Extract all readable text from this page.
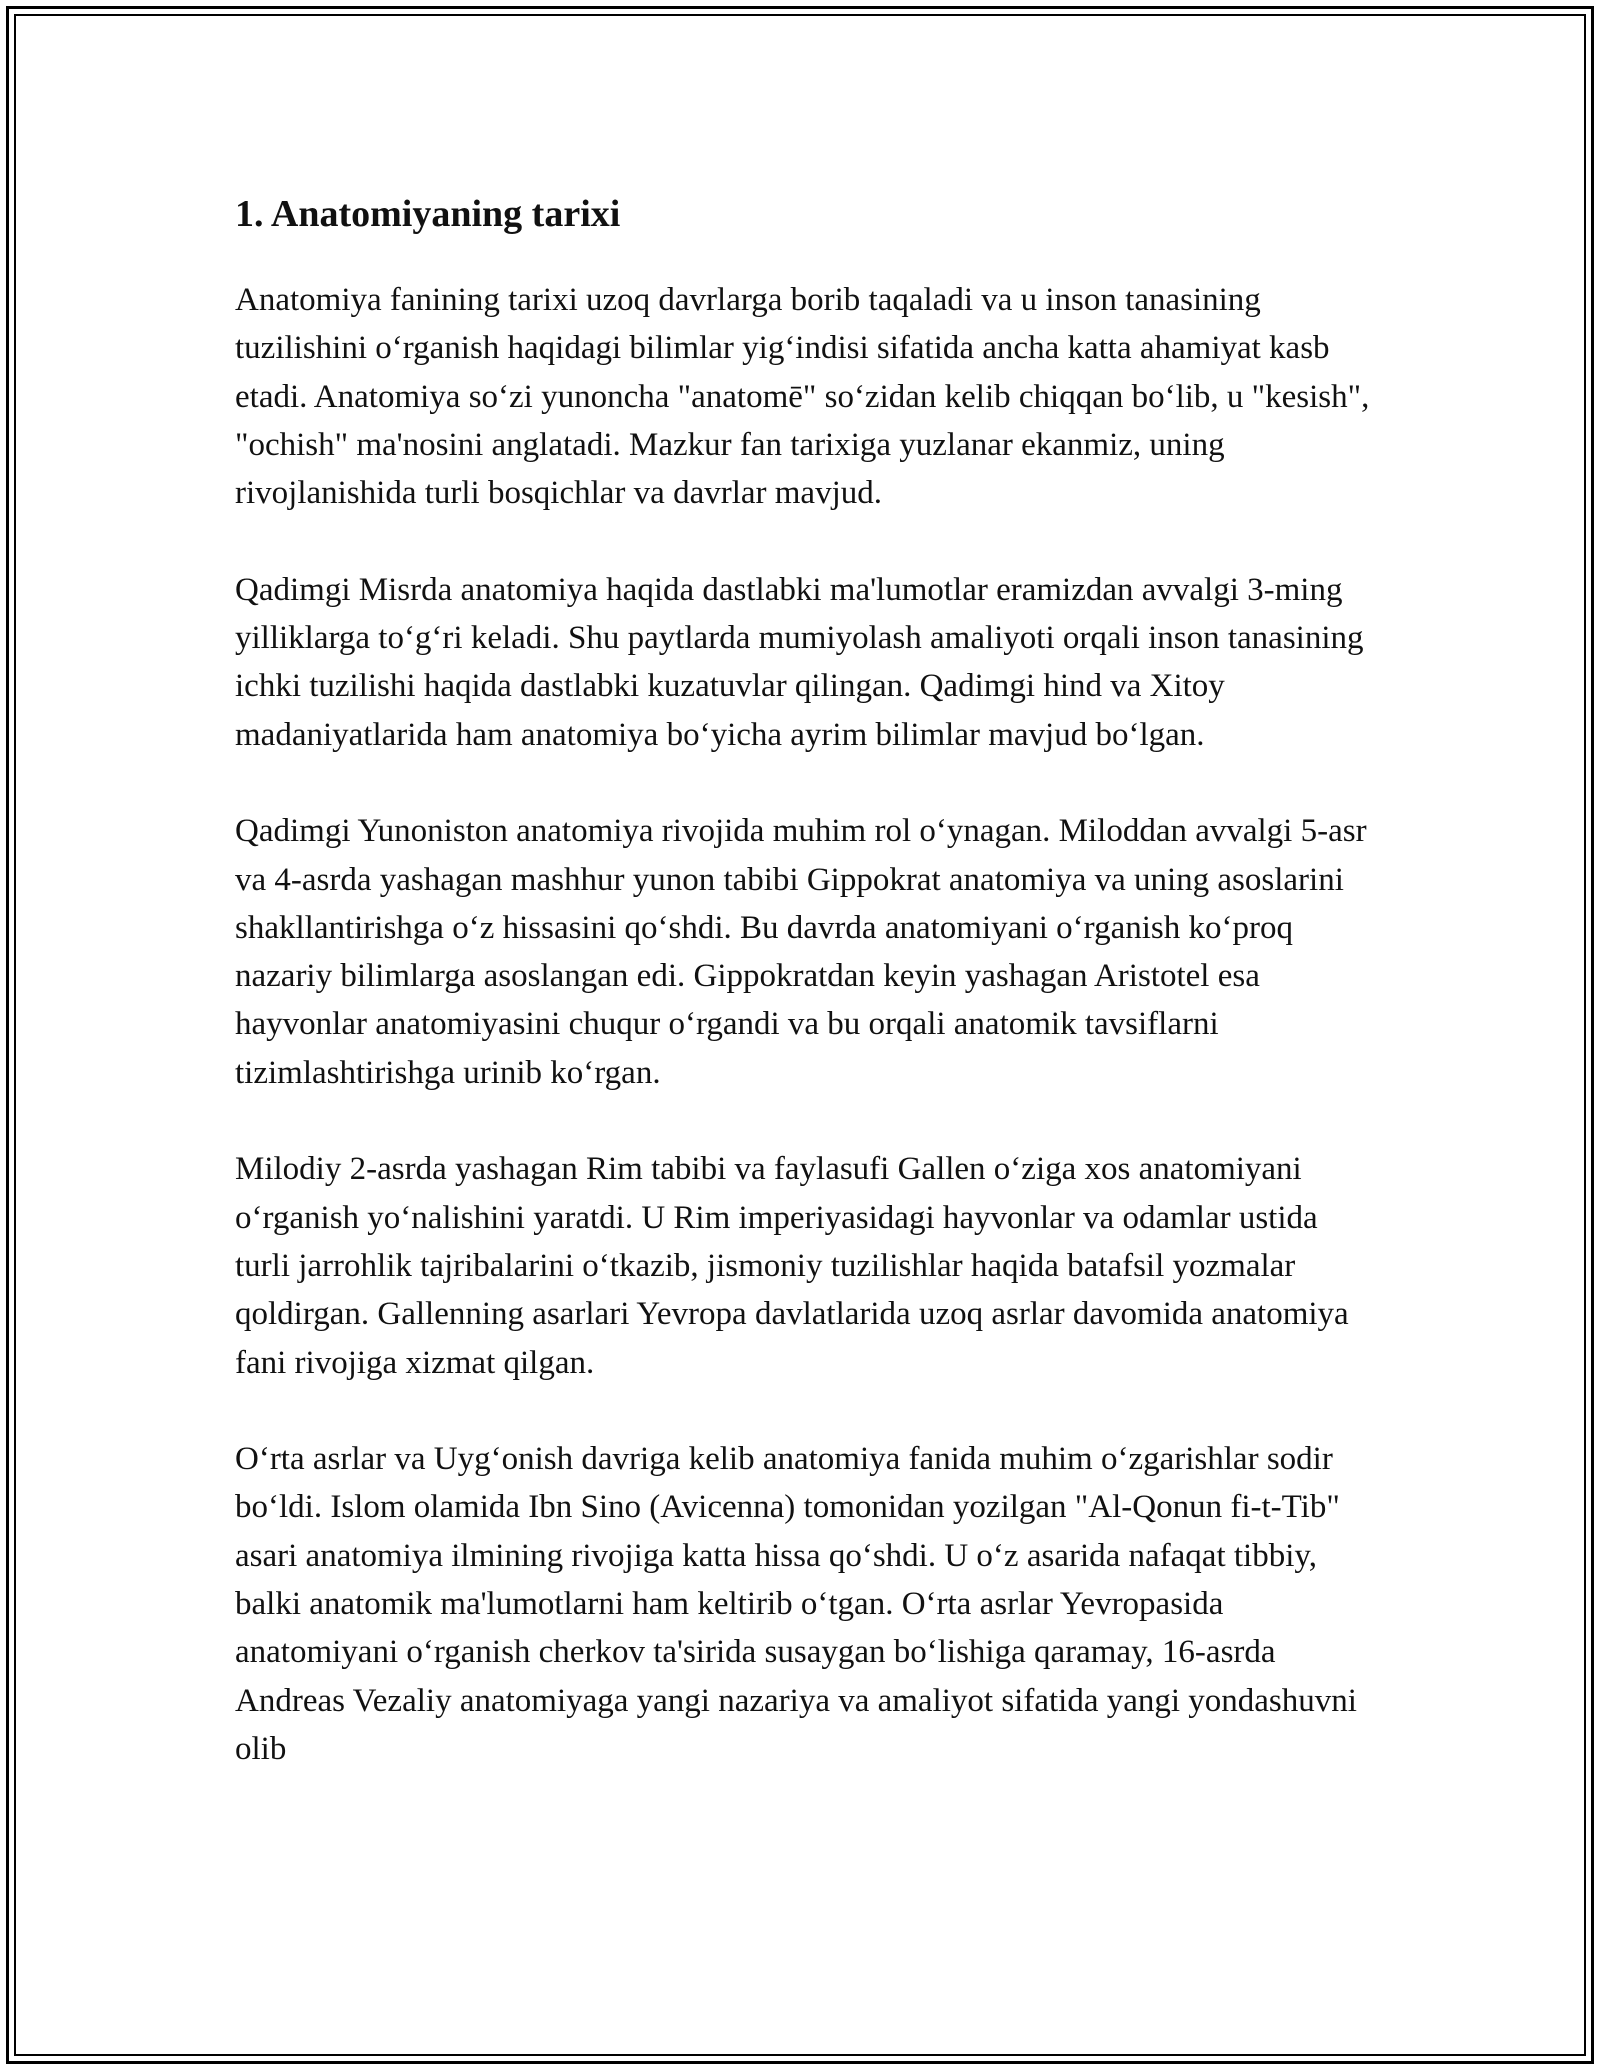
1. Anatomiyaning tarixi

Anatomiya fanining tarixi uzoq davrlarga borib taqaladi va u inson tanasining tuzilishini oʻrganish haqidagi bilimlar yigʻindisi sifatida ancha katta ahamiyat kasb etadi. Anatomiya soʻzi yunoncha "anatomē" soʻzidan kelib chiqqan boʻlib, u "kesish", "ochish" ma'nosini anglatadi. Mazkur fan tarixiga yuzlanar ekanmiz, uning rivojlanishida turli bosqichlar va davrlar mavjud.

Qadimgi Misrda anatomiya haqida dastlabki ma'lumotlar eramizdan avvalgi 3-ming yilliklarga toʻgʻri keladi. Shu paytlarda mumiyolash amaliyoti orqali inson tanasining ichki tuzilishi haqida dastlabki kuzatuvlar qilingan. Qadimgi hind va Xitoy madaniyatlarida ham anatomiya boʻyicha ayrim bilimlar mavjud boʻlgan.

Qadimgi Yunoniston anatomiya rivojida muhim rol oʻynagan. Miloddan avvalgi 5-asr va 4-asrda yashagan mashhur yunon tabibi Gippokrat anatomiya va uning asoslarini shakllantirishga oʻz hissasini qoʻshdi. Bu davrda anatomiyani oʻrganish koʻproq nazariy bilimlarga asoslangan edi. Gippokratdan keyin yashagan Aristotel esa hayvonlar anatomiyasini chuqur oʻrgandi va bu orqali anatomik tavsiflarni tizimlashtirishga urinib koʻrgan.

Milodiy 2-asrda yashagan Rim tabibi va faylasufi Gallen oʻziga xos anatomiyani oʻrganish yoʻnalishini yaratdi. U Rim imperiyasidagi hayvonlar va odamlar ustida turli jarrohlik tajribalarini oʻtkazib, jismoniy tuzilishlar haqida batafsil yozmalar qoldirgan. Gallenning asarlari Yevropa davlatlarida uzoq asrlar davomida anatomiya fani rivojiga xizmat qilgan.

Oʻrta asrlar va Uygʻonish davriga kelib anatomiya fanida muhim oʻzgarishlar sodir boʻldi. Islom olamida Ibn Sino (Avicenna) tomonidan yozilgan "Al-Qonun fi-t-Tib" asari anatomiya ilmining rivojiga katta hissa qoʻshdi. U oʻz asarida nafaqat tibbiy, balki anatomik ma'lumotlarni ham keltirib oʻtgan. Oʻrta asrlar Yevropasida anatomiyani oʻrganish cherkov ta'sirida susaygan boʻlishiga qaramay, 16-asrda Andreas Vezaliy anatomiyaga yangi nazariya va amaliyot sifatida yangi yondashuvni olib
